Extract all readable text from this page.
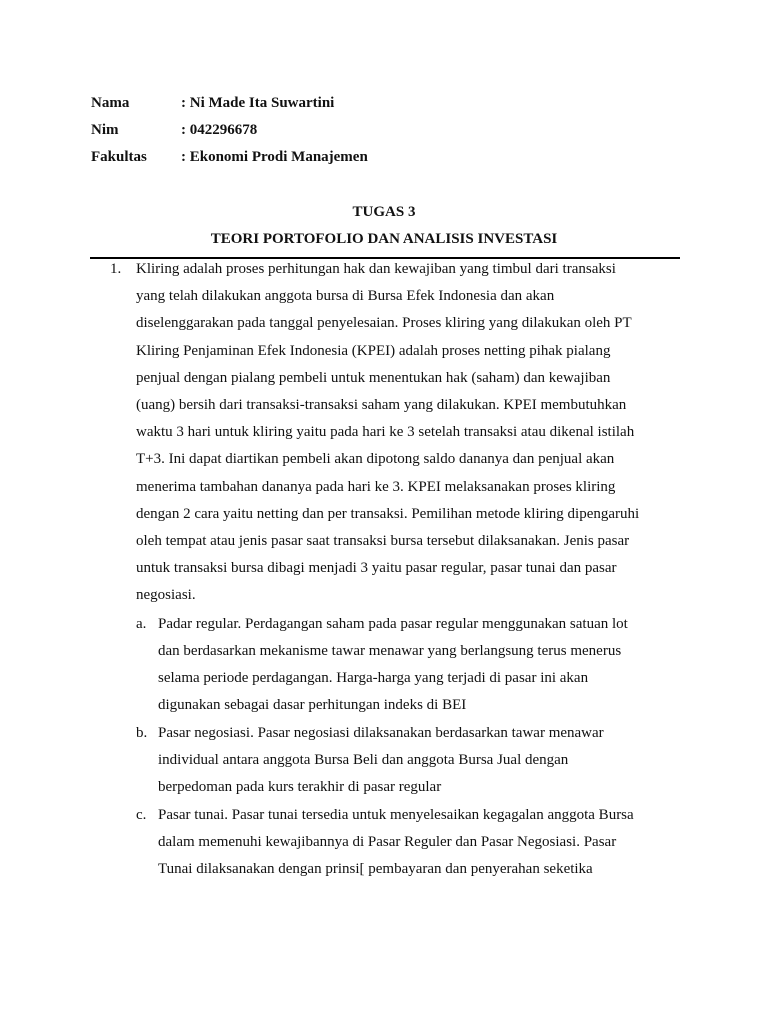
Nama	: Ni Made Ita Suwartini
Nim	: 042296678
Fakultas : Ekonomi Prodi Manajemen
TUGAS 3
TEORI PORTOFOLIO DAN ANALISIS INVESTASI
1. Kliring adalah proses perhitungan hak dan kewajiban yang timbul dari transaksi
yang telah dilakukan anggota bursa di Bursa Efek Indonesia dan akan
diselenggarakan pada tanggal penyelesaian. Proses kliring yang dilakukan oleh PT
Kliring Penjaminan Efek Indonesia (KPEI) adalah proses netting pihak pialang
penjual dengan pialang pembeli untuk menentukan hak (saham) dan kewajiban
(uang) bersih dari transaksi-transaksi saham yang dilakukan. KPEI membutuhkan
waktu 3 hari untuk kliring yaitu pada hari ke 3 setelah transaksi atau dikenal istilah
T+3. Ini dapat diartikan pembeli akan dipotong saldo dananya dan penjual akan
menerima tambahan dananya pada hari ke 3. KPEI melaksanakan proses kliring
dengan 2 cara yaitu netting dan per transaksi. Pemilihan metode kliring dipengaruhi
oleh tempat atau jenis pasar saat transaksi bursa tersebut dilaksanakan. Jenis pasar
untuk transaksi bursa dibagi menjadi 3 yaitu pasar regular, pasar tunai dan pasar
negosiasi.
a. Padar regular. Perdagangan saham pada pasar regular menggunakan satuan lot
dan berdasarkan mekanisme tawar menawar yang berlangsung terus menerus
selama periode perdagangan. Harga-harga yang terjadi di pasar ini akan
digunakan sebagai dasar perhitungan indeks di BEI
b. Pasar negosiasi. Pasar negosiasi dilaksanakan berdasarkan tawar menawar
individual antara anggota Bursa Beli dan anggota Bursa Jual dengan
berpedoman pada kurs terakhir di pasar regular
c. Pasar tunai. Pasar tunai tersedia untuk menyelesaikan kegagalan anggota Bursa
dalam memenuhi kewajibannya di Pasar Reguler dan Pasar Negosiasi. Pasar
Tunai dilaksanakan dengan prinsi[ pembayaran dan penyerahan seketika
